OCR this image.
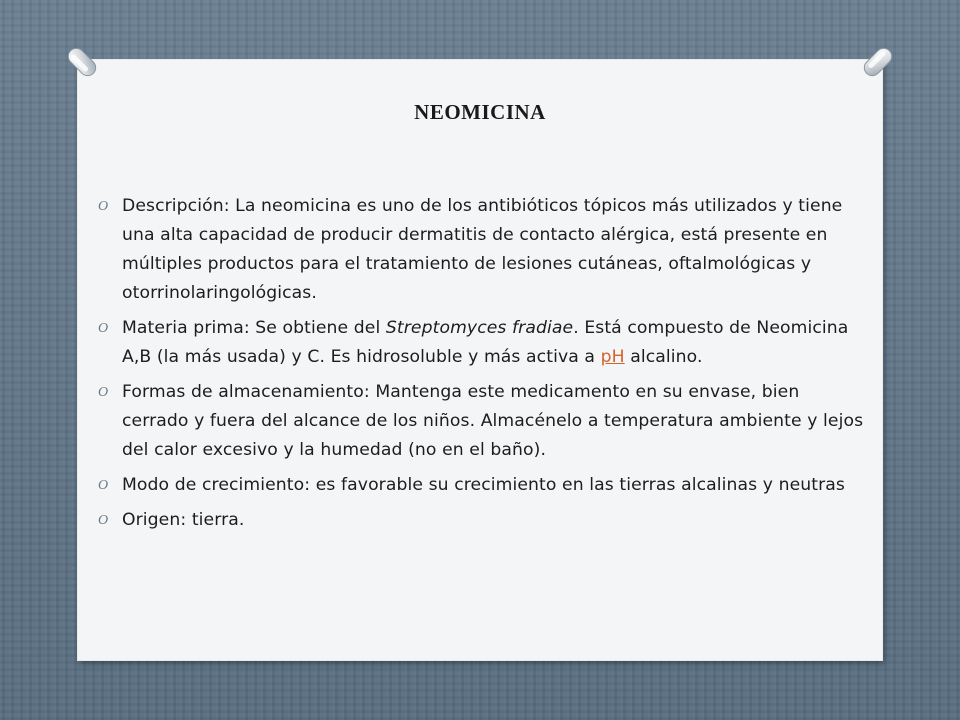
NEOMICINA
O Descripción: La neomicina es uno de los antibióticos tópicos más utilizados y tiene una alta capacidad de producir dermatitis de contacto alérgica, está presente en múltiples productos para el tratamiento de lesiones cutáneas, oftalmológicas y otorrinolaringológicas.
O Materia prima: Se obtiene del Streptomyces fradiae. Está compuesto de Neomicina A,B (la más usada) y C. Es hidrosoluble y más activa a pH alcalino.
O Formas de almacenamiento: Mantenga este medicamento en su envase, bien cerrado y fuera del alcance de los niños. Almacénelo a temperatura ambiente y lejos del calor excesivo y la humedad (no en el baño).
O Modo de crecimiento: es favorable su crecimiento en las tierras alcalinas y neutras
O Origen: tierra.
